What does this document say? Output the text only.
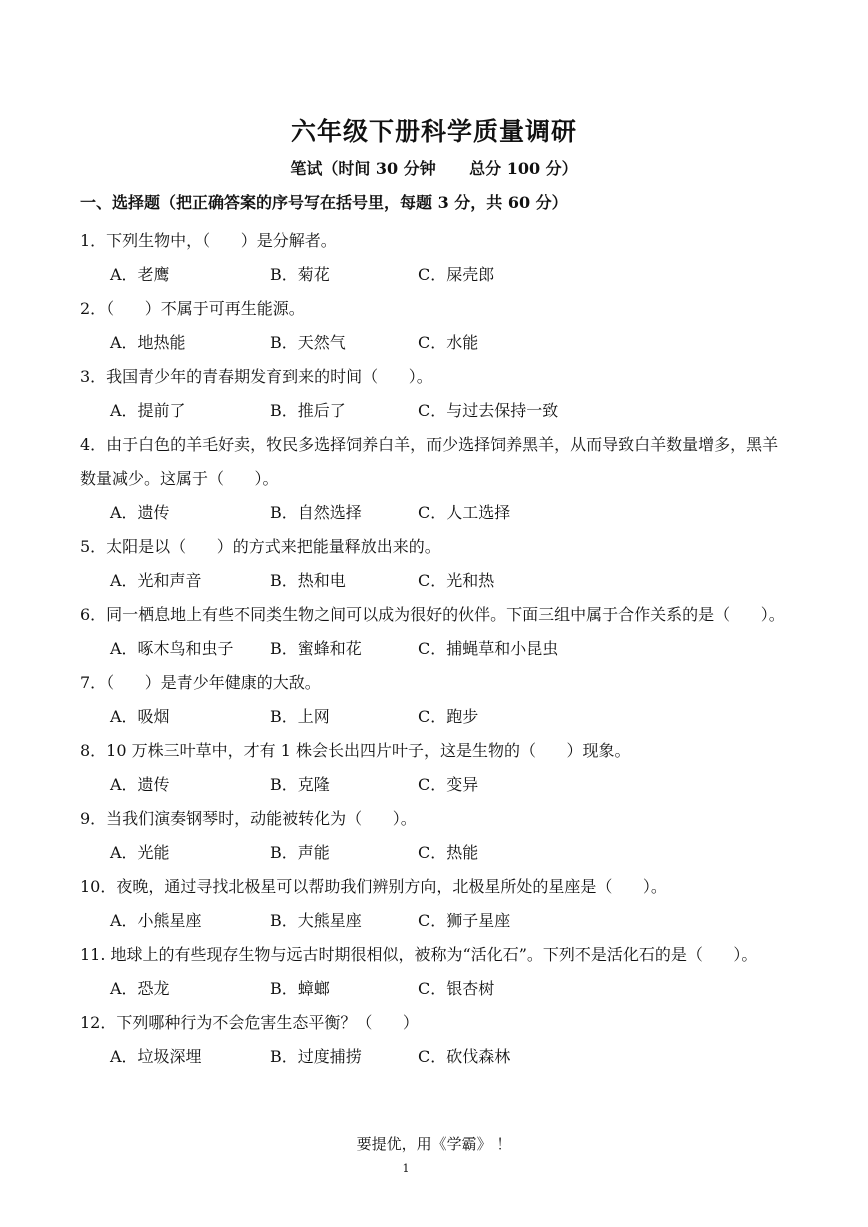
六年级下册科学质量调研
笔试（时间 30 分钟      总分 100 分）
一、选择题（把正确答案的序号写在括号里，每题 3 分，共 60 分）
1．下列生物中，（      ）是分解者。
A．老鹰	B．菊花	C．屎壳郎
2．（      ）不属于可再生能源。
A．地热能	B．天然气	C．水能
3．我国青少年的青春期发育到来的时间（      ）。
A．提前了	B．推后了	C．与过去保持一致
4．由于白色的羊毛好卖，牧民多选择饲养白羊，而少选择饲养黑羊，从而导致白羊数量增多，黑羊数量减少。这属于（      ）。
A．遗传	B．自然选择	C．人工选择
5．太阳是以（      ）的方式来把能量释放出来的。
A．光和声音	B．热和电	C．光和热
6．同一栖息地上有些不同类生物之间可以成为很好的伙伴。下面三组中属于合作关系的是（      ）。
A．啄木鸟和虫子	B．蜜蜂和花	C．捕蝇草和小昆虫
7．（      ）是青少年健康的大敌。
A．吸烟	B．上网	C．跑步
8．10 万株三叶草中，才有 1 株会长出四片叶子，这是生物的（      ）现象。
A．遗传	B．克隆	C．变异
9．当我们演奏钢琴时，动能被转化为（      ）。
A．光能	B．声能	C．热能
10．夜晚，通过寻找北极星可以帮助我们辨别方向，北极星所处的星座是（      ）。
A．小熊星座	B．大熊星座	C．狮子星座
11. 地球上的有些现存生物与远古时期很相似，被称为“活化石”。下列不是活化石的是（      ）。
A．恐龙	B．蟑螂	C．银杏树
12．下列哪种行为不会危害生态平衡？（      ）
A．垃圾深埋	B．过度捕捞	C．砍伐森林
要提优，用《学霸》 ！
1
